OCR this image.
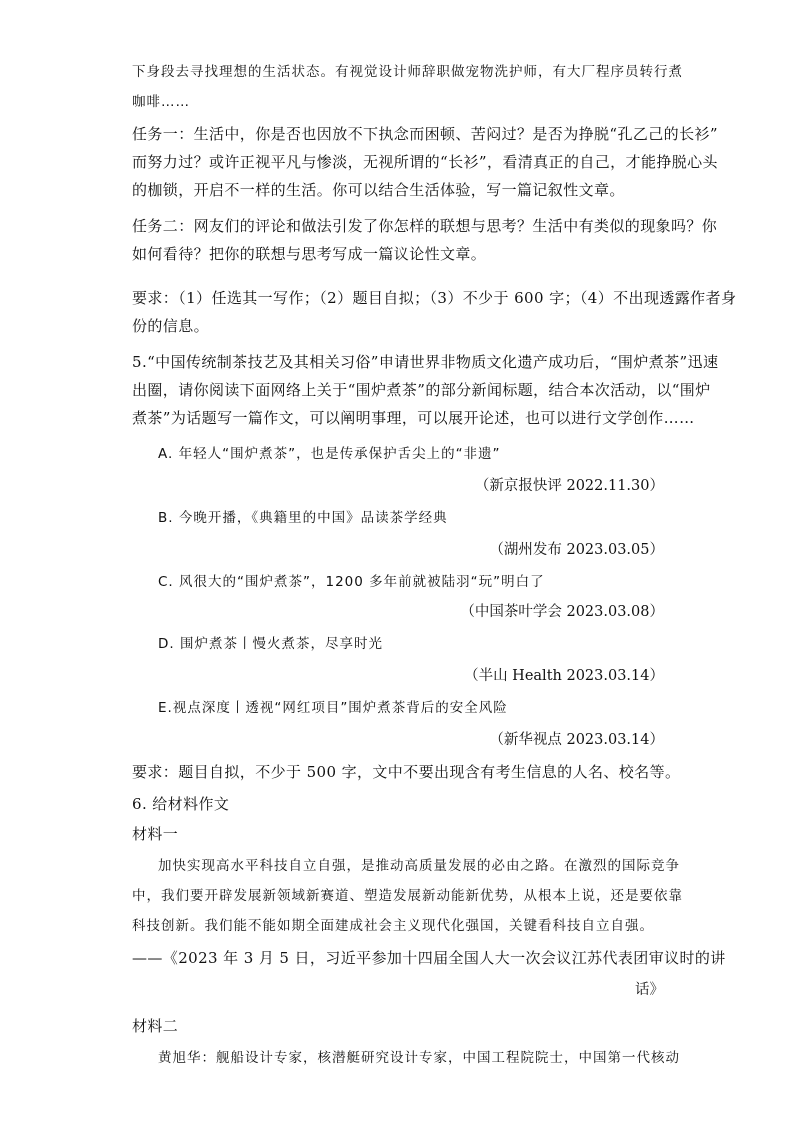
下身段去寻找理想的生活状态。有视觉设计师辞职做宠物洗护师，有大厂程序员转行煮
咖啡……
任务一：生活中，你是否也因放不下执念而困顿、苦闷过？是否为挣脱“孔乙己的长衫”
而努力过？或许正视平凡与惨淡，无视所谓的“长衫”，看清真正的自己，才能挣脱心头
的枷锁，开启不一样的生活。你可以结合生活体验，写一篇记叙性文章。
任务二：网友们的评论和做法引发了你怎样的联想与思考？生活中有类似的现象吗？你
如何看待？把你的联想与思考写成一篇议论性文章。
要求：（1）任选其一写作；（2）题目自拟；（3）不少于 600 字；（4）不出现透露作者身
份的信息。
5.“中国传统制茶技艺及其相关习俗”申请世界非物质文化遗产成功后，“围炉煮茶”迅速
出圈，请你阅读下面网络上关于“围炉煮茶”的部分新闻标题，结合本次活动，以“围炉
煮茶”为话题写一篇作文，可以阐明事理，可以展开论述，也可以进行文学创作……
A. 年轻人“围炉煮茶”，也是传承保护舌尖上的“非遗”
（新京报快评 2022.11.30）
B. 今晚开播，《典籍里的中国》品读茶学经典
（湖州发布 2023.03.05）
C. 风很大的“围炉煮茶”，1200 多年前就被陆羽“玩”明白了
（中国茶叶学会 2023.03.08）
D. 围炉煮茶丨慢火煮茶，尽享时光
（半山 Health 2023.03.14）
E.视点深度丨透视“网红项目”围炉煮茶背后的安全风险
（新华视点 2023.03.14）
要求：题目自拟，不少于 500 字，文中不要出现含有考生信息的人名、校名等。
6. 给材料作文
材料一
加快实现高水平科技自立自强，是推动高质量发展的必由之路。在激烈的国际竞争
中，我们要开辟发展新领域新赛道、塑造发展新动能新优势，从根本上说，还是要依靠
科技创新。我们能不能如期全面建成社会主义现代化强国，关键看科技自立自强。
——《2023 年 3 月 5 日，习近平参加十四届全国人大一次会议江苏代表团审议时的讲
话》
材料二
黄旭华：舰船设计专家，核潜艇研究设计专家，中国工程院院士，中国第一代核动
